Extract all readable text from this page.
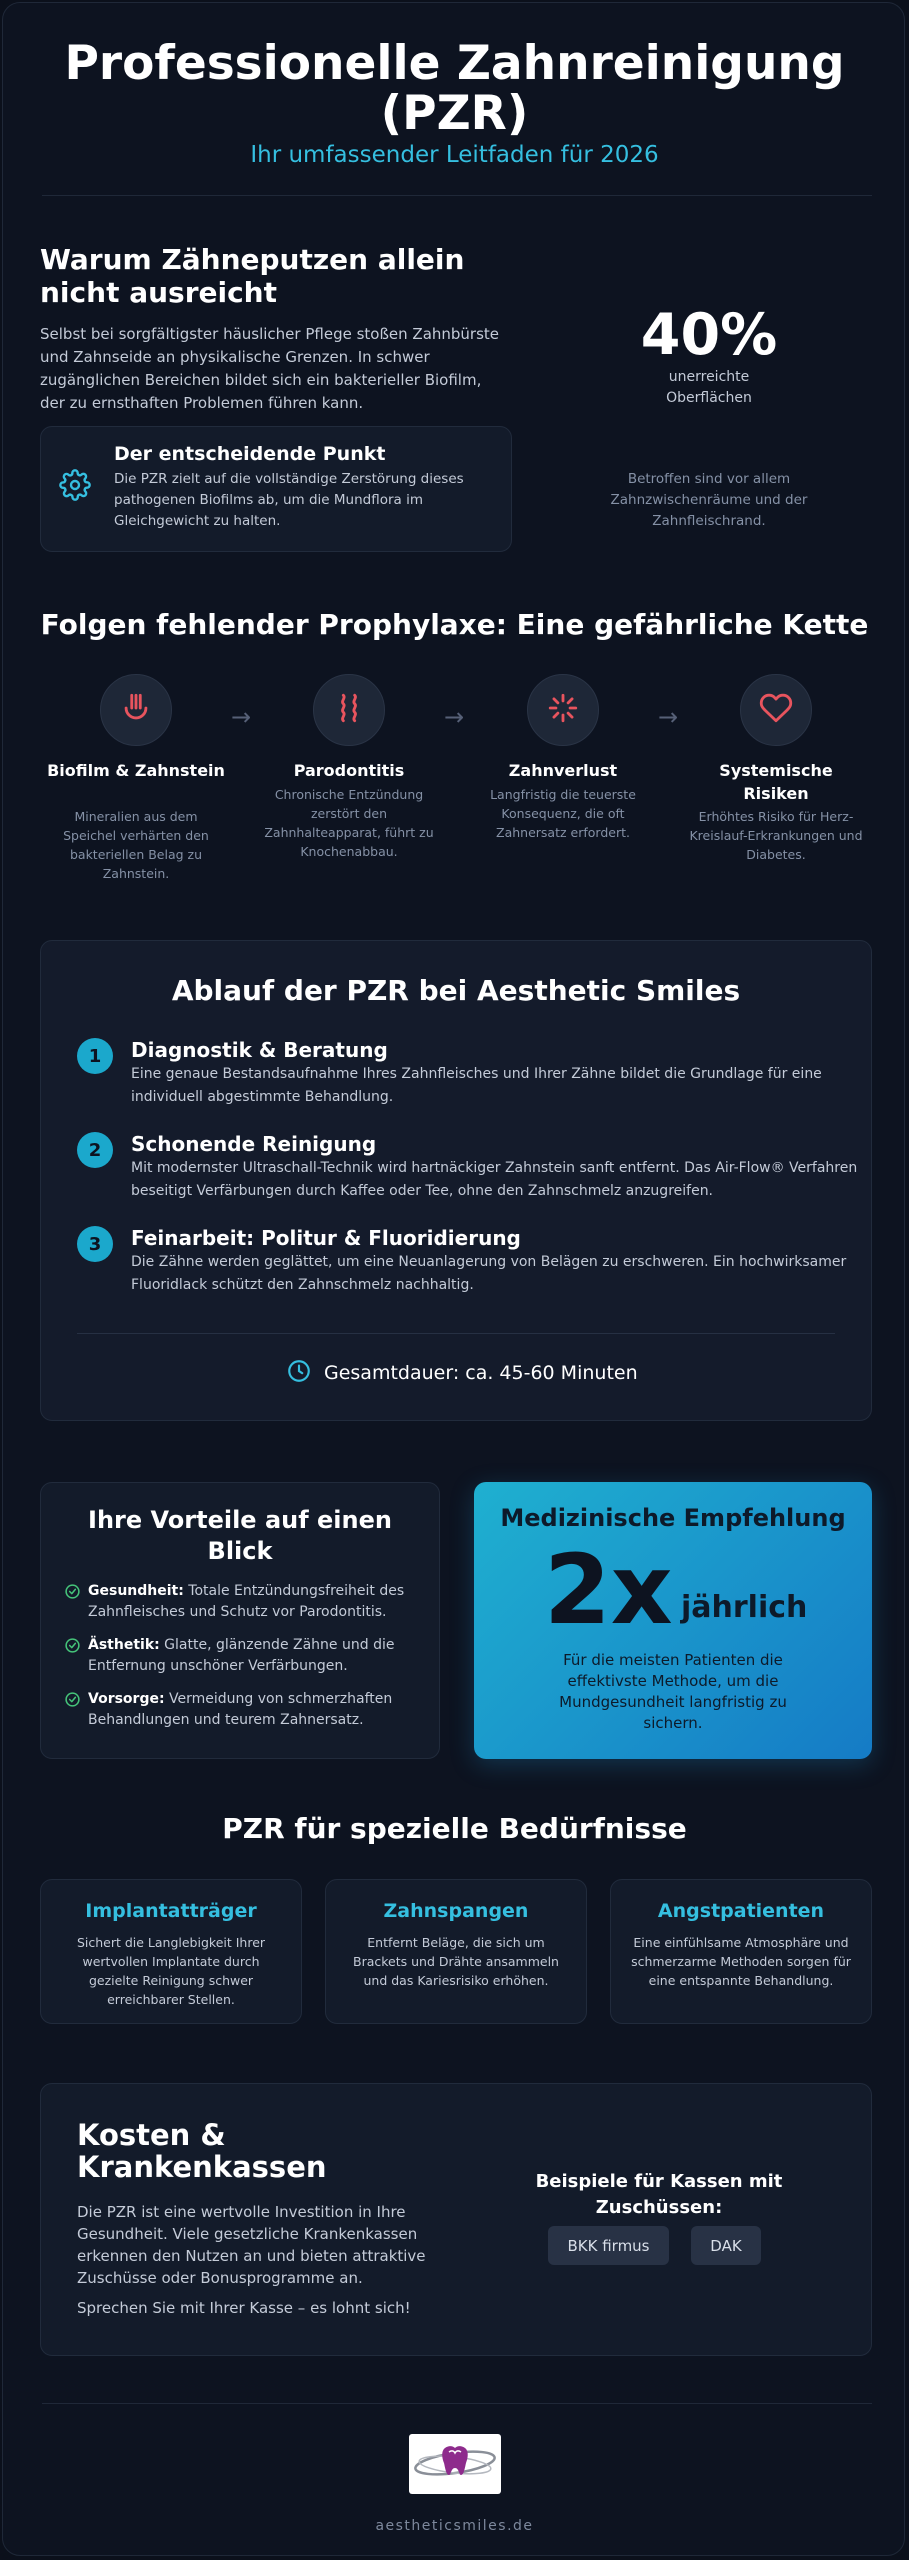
Professionelle Zahnreinigung (PZR)
Ihr umfassender Leitfaden für 2026
Warum Zähneputzen allein nicht ausreicht
Selbst bei sorgfältigster häuslicher Pflege stoßen Zahnbürste und Zahnseide an physikalische Grenzen. In schwer zugänglichen Bereichen bildet sich ein bakterieller Biofilm, der zu ernsthaften Problemen führen kann.
Der entscheidende Punkt
Die PZR zielt auf die vollständige Zerstörung dieses pathogenen Biofilms ab, um die Mundflora im Gleichgewicht zu halten.
40%
unerreichte Oberflächen
Betroffen sind vor allem Zahnzwischenräume und der Zahnfleischrand.
Folgen fehlender Prophylaxe: Eine gefährliche Kette
→	→	→
Biofilm & Zahnstein
Mineralien aus dem Speichel verhärten den bakteriellen Belag zu Zahnstein.
Parodontitis
Chronische Entzündung zerstört den Zahnhalteapparat, führt zu Knochenabbau.
Zahnverlust
Langfristig die teuerste Konsequenz, die oft Zahnersatz erfordert.
Systemische Risiken
Erhöhtes Risiko für Herz-Kreislauf-Erkrankungen und Diabetes.
Ablauf der PZR bei Aesthetic Smiles
1	Diagnostik & Beratung
Eine genaue Bestandsaufnahme Ihres Zahnfleisches und Ihrer Zähne bildet die Grundlage für eine individuell abgestimmte Behandlung.
2	Schonende Reinigung
Mit modernster Ultraschall-Technik wird hartnäckiger Zahnstein sanft entfernt. Das Air-Flow® Verfahren beseitigt Verfärbungen durch Kaffee oder Tee, ohne den Zahnschmelz anzugreifen.
3	Feinarbeit: Politur & Fluoridierung
Die Zähne werden geglättet, um eine Neuanlagerung von Belägen zu erschweren. Ein hochwirksamer Fluoridlack schützt den Zahnschmelz nachhaltig.
Gesamtdauer: ca. 45-60 Minuten
Ihre Vorteile auf einen Blick
Gesundheit: Totale Entzündungsfreiheit des Zahnfleisches und Schutz vor Parodontitis.
Ästhetik: Glatte, glänzende Zähne und die Entfernung unschöner Verfärbungen.
Vorsorge: Vermeidung von schmerzhaften Behandlungen und teurem Zahnersatz.
Medizinische Empfehlung
2x jährlich
Für die meisten Patienten die effektivste Methode, um die Mundgesundheit langfristig zu sichern.
PZR für spezielle Bedürfnisse
Implantatträger
Sichert die Langlebigkeit Ihrer wertvollen Implantate durch gezielte Reinigung schwer erreichbarer Stellen.
Zahnspangen
Entfernt Beläge, die sich um Brackets und Drähte ansammeln und das Kariesrisiko erhöhen.
Angstpatienten
Eine einfühlsame Atmosphäre und schmerzarme Methoden sorgen für eine entspannte Behandlung.
Kosten & Krankenkassen
Die PZR ist eine wertvolle Investition in Ihre Gesundheit. Viele gesetzliche Krankenkassen erkennen den Nutzen an und bieten attraktive Zuschüsse oder Bonusprogramme an.
Sprechen Sie mit Ihrer Kasse – es lohnt sich!
Beispiele für Kassen mit Zuschüssen:
BKK firmus	DAK
aestheticsmiles.de
